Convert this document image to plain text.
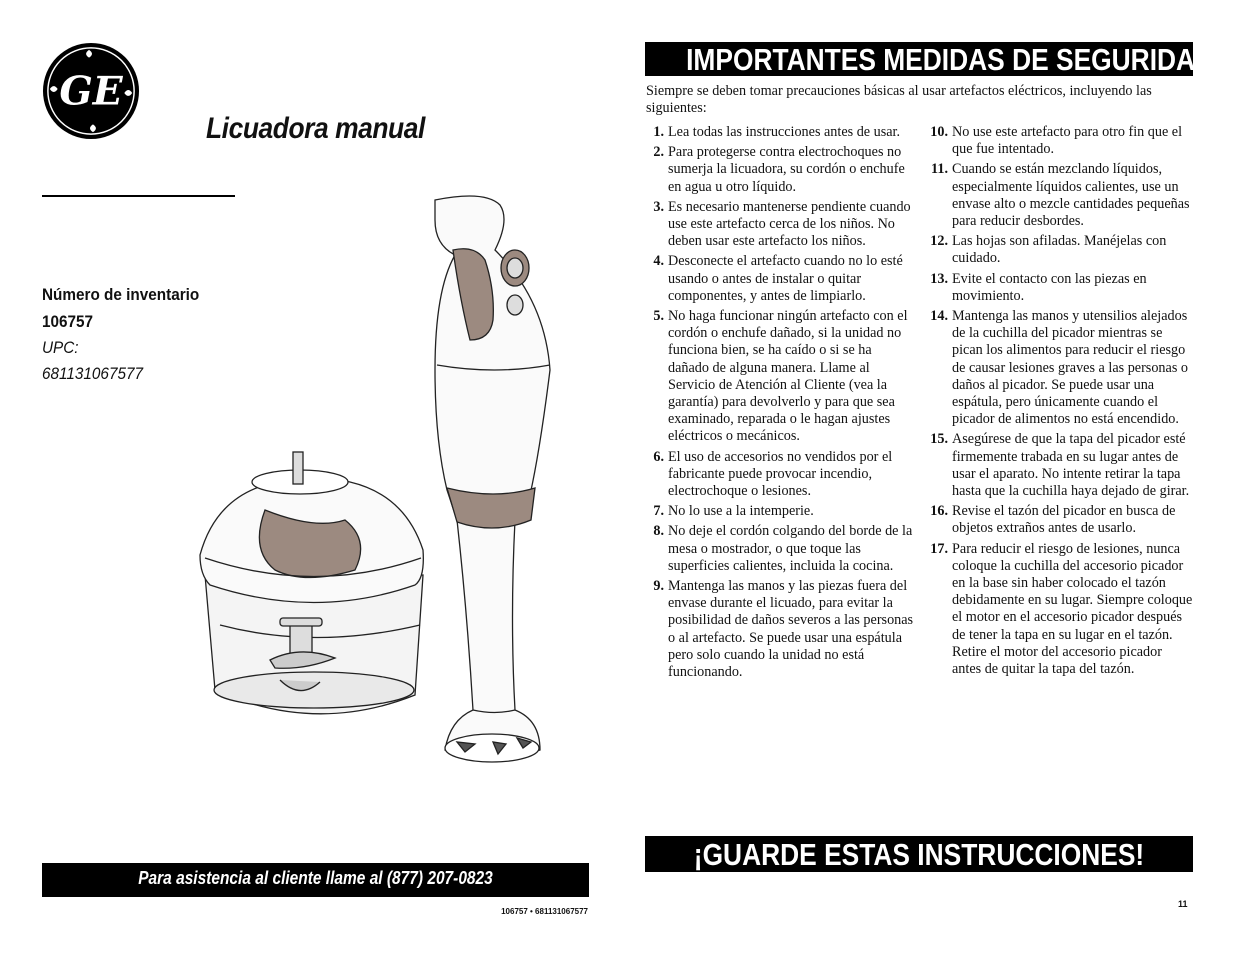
GE
Licuadora manual
Número de inventario
106757
UPC:
681131067577
Para asistencia al cliente llame al (877) 207-0823
106757 • 681131067577
IMPORTANTES MEDIDAS DE SEGURIDAD
Siempre se deben tomar precauciones básicas al usar artefactos eléctricos, incluyendo las siguientes:
1. Lea todas las instrucciones antes de usar.
2. Para protegerse contra electrochoques no sumerja la licuadora, su cordón o enchufe en agua u otro líquido.
3. Es necesario mantenerse pendiente cuando use este artefacto cerca de los niños. No deben usar este artefacto los niños.
4. Desconecte el artefacto cuando no lo esté usando o antes de instalar o quitar componentes, y antes de limpiarlo.
5. No haga funcionar ningún artefacto con el cordón o enchufe dañado, si la unidad no funciona bien, se ha caído o si se ha dañado de alguna manera. Llame al Servicio de Atención al Cliente (vea la garantía) para devolverlo y para que sea examinado, reparada o le hagan ajustes eléctricos o mecánicos.
6. El uso de accesorios no vendidos por el fabricante puede provocar incendio, electrochoque o lesiones.
7. No lo use a la intemperie.
8. No deje el cordón colgando del borde de la mesa o mostrador, o que toque las superficies calientes, incluida la cocina.
9. Mantenga las manos y las piezas fuera del envase durante el licuado, para evitar la posibilidad de daños severos a las personas o al artefacto. Se puede usar una espátula pero solo cuando la unidad no está funcionando.
10. No use este artefacto para otro fin que el que fue intentado.
11. Cuando se están mezclando líquidos, especialmente líquidos calientes, use un envase alto o mezcle cantidades pequeñas para reducir desbordes.
12. Las hojas son afiladas. Manéjelas con cuidado.
13. Evite el contacto con las piezas en movimiento.
14. Mantenga las manos y utensilios alejados de la cuchilla del picador mientras se pican los alimentos para reducir el riesgo de causar lesiones graves a las personas o daños al picador. Se puede usar una espátula, pero únicamente cuando el picador de alimentos no está encendido.
15. Asegúrese de que la tapa del picador esté firmemente trabada en su lugar antes de usar el aparato. No intente retirar la tapa hasta que la cuchilla haya dejado de girar.
16. Revise el tazón del picador en busca de objetos extraños antes de usarlo.
17. Para reducir el riesgo de lesiones, nunca coloque la cuchilla del accesorio picador en la base sin haber colocado el tazón debidamente en su lugar. Siempre coloque el motor en el accesorio picador después de tener la tapa en su lugar en el tazón. Retire el motor del accesorio picador antes de quitar la tapa del tazón.
¡GUARDE ESTAS INSTRUCCIONES!
11
